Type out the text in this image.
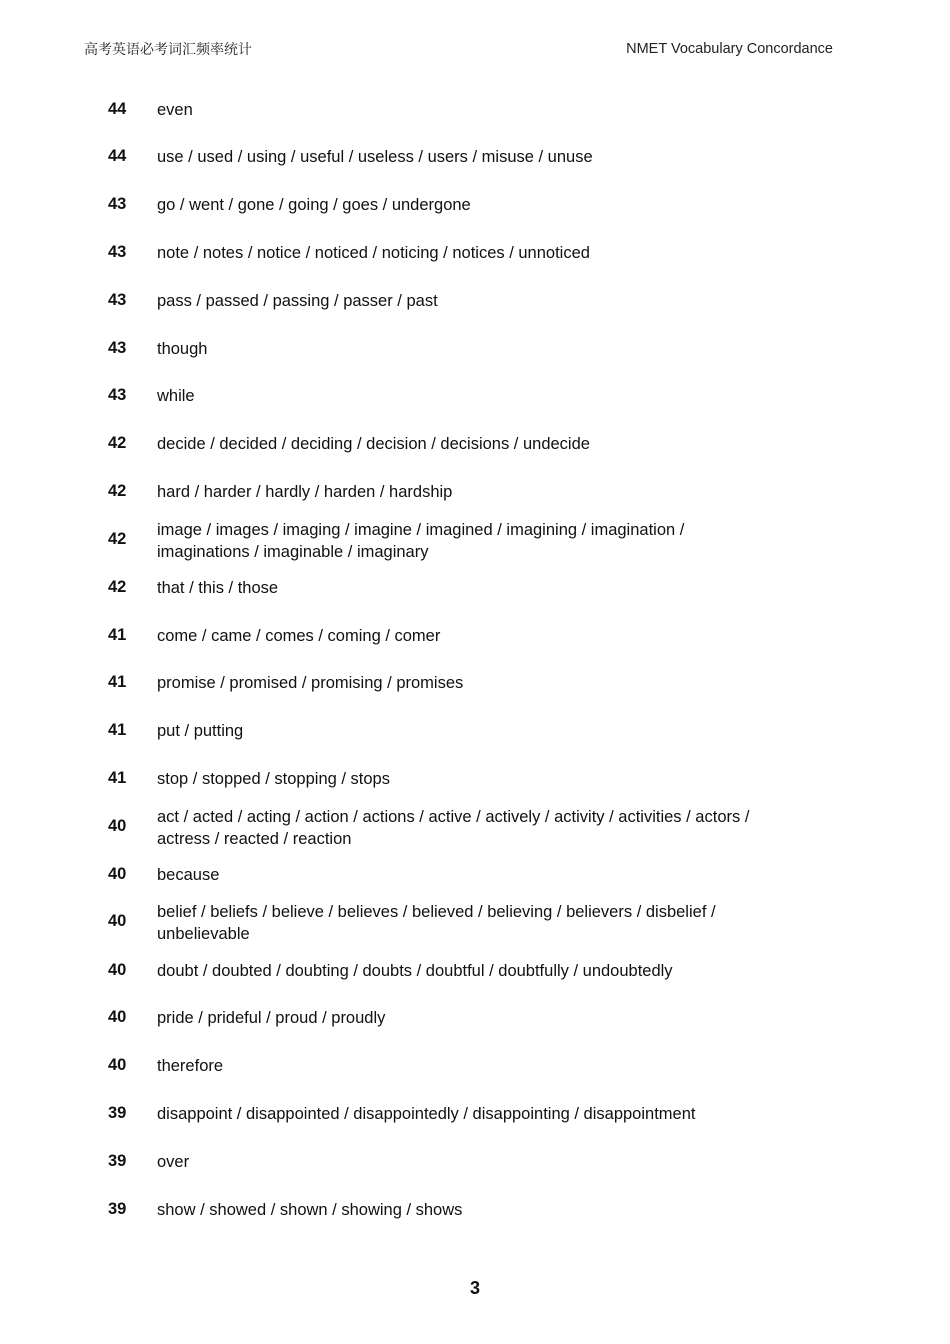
高考英语必考词汇频率统计	NMET Vocabulary Concordance
44	even
44	use / used / using / useful / useless / users / misuse / unuse
43	go / went / gone / going / goes / undergone
43	note / notes / notice / noticed / noticing / notices / unnoticed
43	pass / passed / passing / passer / past
43	though
43	while
42	decide / decided / deciding / decision / decisions / undecide
42	hard / harder / hardly / harden / hardship
42	image / images / imaging / imagine / imagined / imagining / imagination / imaginations / imaginable / imaginary
42	that / this / those
41	come / came / comes / coming / comer
41	promise / promised / promising / promises
41	put / putting
41	stop / stopped / stopping / stops
40	act / acted / acting / action / actions / active / actively / activity / activities / actors / actress / reacted / reaction
40	because
40	belief / beliefs / believe / believes / believed / believing / believers / disbelief / unbelievable
40	doubt / doubted / doubting / doubts / doubtful / doubtfully / undoubtedly
40	pride / prideful / proud / proudly
40	therefore
39	disappoint / disappointed / disappointedly / disappointing / disappointment
39	over
39	show / showed / shown / showing / shows
3
